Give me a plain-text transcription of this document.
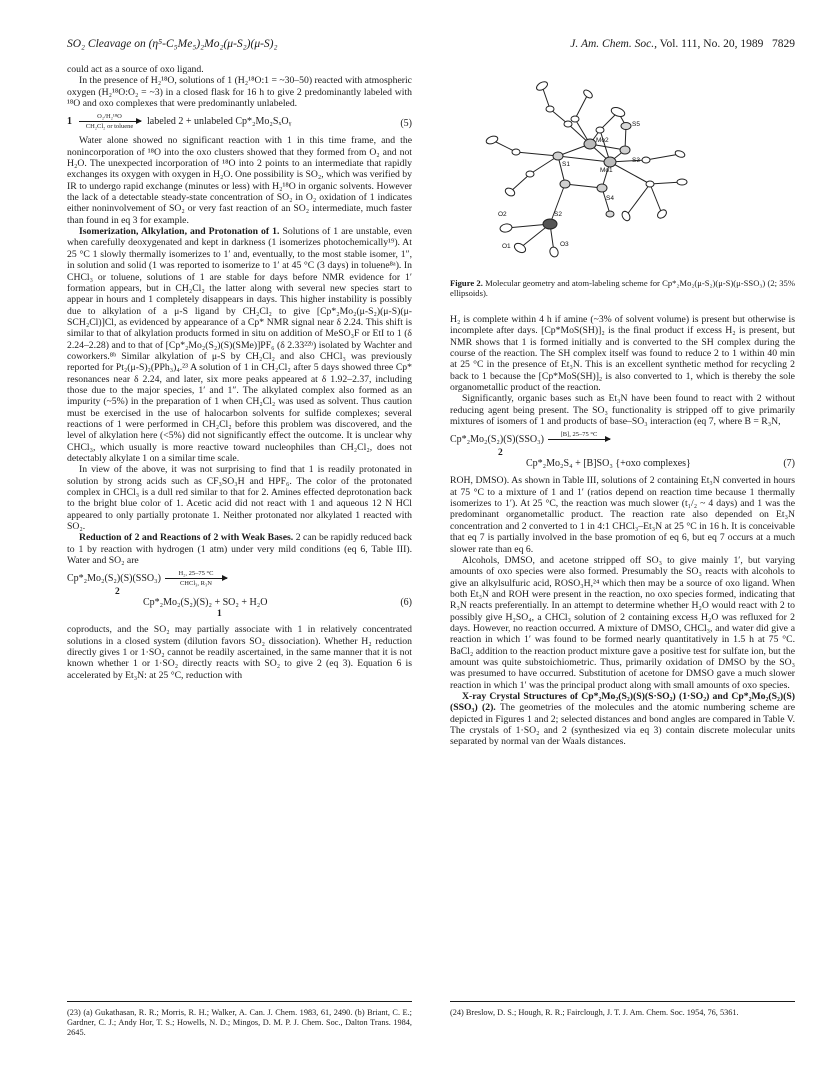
SO₂ Cleavage on (η⁵-C₅Me₅)₂Mo₂(μ-S₂)(μ-S)₂	J. Am. Chem. Soc., Vol. 111, No. 20, 1989 7829

could act as a source of oxo ligand.

In the presence of H₂¹⁸O, solutions of 1 (H₂¹⁸O:1 = ~30–50) reacted with atmospheric oxygen (H₂¹⁸O:O₂ = ~3) in a closed flask for 16 h to give 2 predominantly labeled with ¹⁸O and oxo complexes that were predominantly unlabeled.

1	O₂/H₂¹⁸O
CH₂Cl₂ or toluene labeled 2 + unlabeled Cp*₂Mo₂SₓOᵧ	(5)

Water alone showed no significant reaction with 1 in this time frame, and the nonincorporation of ¹⁸O into the oxo clusters showed that they formed from O₂ and not H₂O. The unexpected incorporation of ¹⁸O into 2 points to an intermediate that rapidly exchanges its oxygen with oxygen in H₂O. One possibility is SO₂, which was verified by IR to undergo rapid exchange (minutes or less) with H₂¹⁸O in organic solvents. However the lack of a detectable steady-state concentration of SO₂ in O₂ oxidation of 1 indicates either noninvolvement of SO₂ or very fast reaction of an SO₂ intermediate, much faster than found in eq 3 for example.

Isomerization, Alkylation, and Protonation of 1. Solutions of 1 are unstable, even when carefully deoxygenated and kept in darkness (1 isomerizes photochemically¹⁹). At 25 °C 1 slowly thermally isomerizes to 1′ and, eventually, to the most stable isomer, 1″, in solution and solid (1 was reported to isomerize to 1′ at 45 °C (3 days) in toluene⁸ᵃ). In CHCl₃ or toluene, solutions of 1 are stable for days before NMR evidence for 1′ formation appears, but in CH₂Cl₂ the latter along with several new species start to appear in hours and 1 completely disappears in days. This higher instability is possibly due to alkylation of a μ-S ligand by CH₂Cl₂ to give [Cp*₂Mo₂(μ-S₂)(μ-S)(μ-SCH₂Cl)]Cl, as evidenced by appearance of a Cp* NMR signal near δ 2.24. This shift is similar to that of alkylation products formed in situ on addition of MeSO₃F or EtI to 1 (δ 2.24–2.28) and to that of [Cp*₂Mo₂(S₂)(S)(SMe)]PF₆ (δ 2.33²²ᵇ) isolated by Wachter and coworkers.⁸ᵇ Similar alkylation of μ-S by CH₂Cl₂ and also CHCl₃ was previously reported for Pt₂(μ-S)₂(PPh₃)₄.²³ A solution of 1 in CH₂Cl₂ after 5 days showed three Cp* resonances near δ 2.24, and later, six more peaks appeared at δ 1.92–2.37, including those due to the major species, 1′ and 1″. The alkylated complex also formed as an impurity (~5%) in the preparation of 1 when CH₂Cl₂ was used as solvent. Thus caution must be exercised in the use of halocarbon solvents for sulfide complexes; several reactions of 1 were performed in CH₂Cl₂ before this problem was discovered, and the level of alkylation here (<5%) did not significantly effect the outcome. It is unclear why CHCl₃, which usually is more reactive toward nucleophiles than CH₂Cl₂, does not detectably alkylate 1 on a similar time scale.

In view of the above, it was not surprising to find that 1 is readily protonated in solution by strong acids such as CF₃SO₃H and HPF₆. The color of the protonated complex in CHCl₃ is a dull red similar to that for 2. Amines effected deprotonation back to the bright blue color of 1. Acetic acid did not react with 1 and aqueous 12 N HCl appeared to only partially protonate 1. Neither protonated nor alkylated 1 reacted with SO₂.

Reduction of 2 and Reactions of 2 with Weak Bases. 2 can be rapidly reduced back to 1 by reaction with hydrogen (1 atm) under very mild conditions (eq 6, Table III). Water and SO₂ are

Cp*₂Mo₂(S₂)(S)(SSO₃)	H₂, 25–75 °C
CHCl₃, R₃N
2
Cp*₂Mo₂(S₂)(S)₂ + SO₂ + H₂O	(6)
1

coproducts, and the SO₂ may partially associate with 1 in relatively concentrated solutions in a closed system (dilution favors SO₂ dissociation). Whether H₂ reduction directly gives 1 or 1·SO₂ cannot be readily ascertained, in the same manner that it is not known whether 1 or 1·SO₂ directly reacts with SO₂ to give 2 (eq 3). Equation 6 is accelerated by Et₃N: at 25 °C, reduction with

S5
Mo2
S3
Mo1
S1
S4
O2	S2
O1	O3
Figure 2. Molecular geometry and atom-labeling scheme for Cp*₂Mo₂(μ-S₂)(μ-S)(μ-SSO₃) (2; 35% ellipsoids).

H₂ is complete within 4 h if amine (~3% of solvent volume) is present but otherwise is incomplete after days. [Cp*MoS(SH)]₂ is the final product if excess H₂ is present, but NMR shows that 1 is formed initially and is converted to the SH complex during the course of the reaction. The SH complex itself was found to reduce 2 to 1 within 40 min at 25 °C in the presence of Et₃N. This is an excellent synthetic method for recycling 2 back to 1 because the [Cp*MoS(SH)]₂ is also converted to 1, which is thereby the sole organometallic product of the reaction.

Significantly, organic bases such as Et₃N have been found to react with 2 without reducing agent being present. The SO₃ functionality is stripped off to give primarily mixtures of isomers of 1 and products of base–SO₃ interaction (eq 7, where B = R₃N,

Cp*₂Mo₂(S₂)(S)(SSO₃)	[B], 25–75 °C

2
Cp*₂Mo₂S₄ + [B]SO₃ {+oxo complexes}	(7)

ROH, DMSO). As shown in Table III, solutions of 2 containing Et₃N converted in hours at 75 °C to a mixture of 1 and 1′ (ratios depend on reaction time because 1 thermally isomerizes to 1′). At 25 °C, the reaction was much slower (t₁/₂ ~ 4 days) and 1 was the predominant organometallic product. The reaction rate also depended on Et₃N concentration and 2 converted to 1 in 4:1 CHCl₃–Et₃N at 25 °C in 16 h. It is conceivable that eq 7 is partially involved in the base promotion of eq 6, but eq 7 occurs at a much slower rate than eq 6.

Alcohols, DMSO, and acetone stripped off SO₃ to give mainly 1′, but varying amounts of oxo species were also formed. Presumably the SO₃ reacts with alcohols to give an alkylsulfuric acid, ROSO₃H,²⁴ which then may be a source of oxo ligand. When both Et₃N and ROH were present in the reaction, no oxo species formed, indicating that R₃N reacts preferentially. In an attempt to determine whether H₂O would react with 2 to possibly give H₂SO₄, a CHCl₃ solution of 2 containing excess H₂O was refluxed for 2 days. However, no reaction occurred. A mixture of DMSO, CHCl₃, and water did give a reaction in which 1′ was found to be formed nearly quantitatively in 1.5 h at 75 °C. BaCl₂ addition to the reaction product mixture gave a positive test for sulfate ion, but the amount was quite substoichiometric. Thus, primarily oxidation of DMSO by the SO₃ was presumed to have occurred. Substitution of acetone for DMSO gave a much slower reaction in which 1′ was the principal product along with small amounts of oxo species.

X-ray Crystal Structures of Cp*₂Mo₂(S₂)(S)(S·SO₂) (1·SO₂) and Cp*₂Mo₂(S₂)(S)(SSO₃) (2). The geometries of the molecules and the atomic numbering scheme are depicted in Figures 1 and 2; selected distances and bond angles are compared in Table V. The crystals of 1·SO₂ and 2 (synthesized via eq 3) contain discrete molecular units separated by normal van der Waals distances.

(23) (a) Gukathasan, R. R.; Morris, R. H.; Walker, A. Can. J. Chem. 1983, 61, 2490. (b) Briant, C. E.; Gardner, C. J.; Andy Hor, T. S.; Howells, N. D.; Mingos, D. M. P. J. Chem. Soc., Dalton Trans. 1984, 2645.
(24) Breslow, D. S.; Hough, R. R.; Fairclough, J. T. J. Am. Chem. Soc. 1954, 76, 5361.
